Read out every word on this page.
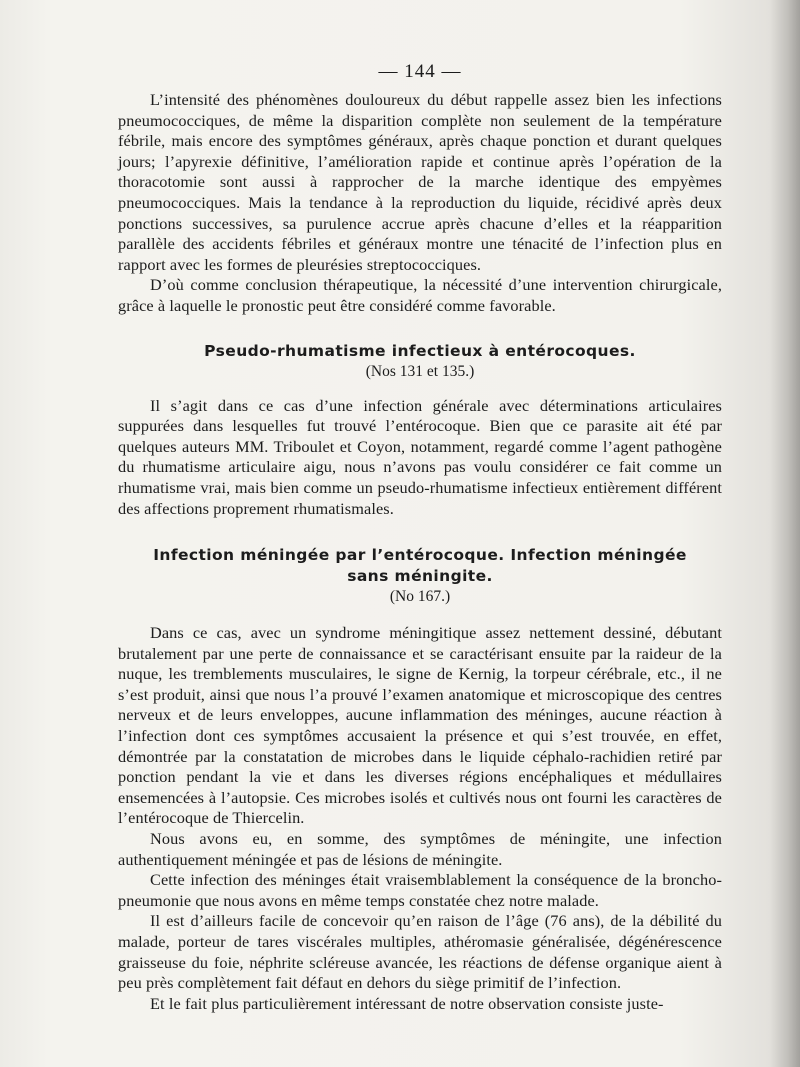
— 144 —

L’intensité des phénomènes douloureux du début rappelle assez bien les infections pneumococciques, de même la disparition complète non seulement de la température fébrile, mais encore des symptômes généraux, après chaque ponction et durant quelques jours; l’apyrexie définitive, l’amélioration rapide et continue après l’opération de la thoracotomie sont aussi à rapprocher de la marche identique des empyèmes pneumococciques. Mais la tendance à la reproduction du liquide, récidivé après deux ponctions successives, sa purulence accrue après chacune d’elles et la réapparition parallèle des accidents fébriles et généraux montre une ténacité de l’infection plus en rapport avec les formes de pleurésies streptococciques.

D’où comme conclusion thérapeutique, la nécessité d’une intervention chirurgicale, grâce à laquelle le pronostic peut être considéré comme favorable.

Pseudo-rhumatisme infectieux à entérocoques.
(Nos 131 et 135.)

Il s’agit dans ce cas d’une infection générale avec déterminations articulaires suppurées dans lesquelles fut trouvé l’entérocoque. Bien que ce parasite ait été par quelques auteurs MM. Triboulet et Coyon, notamment, regardé comme l’agent pathogène du rhumatisme articulaire aigu, nous n’avons pas voulu considérer ce fait comme un rhumatisme vrai, mais bien comme un pseudo-rhumatisme infectieux entièrement différent des affections proprement rhumatismales.

Infection méningée par l’entérocoque. Infection méningée
sans méningite.
(No 167.)

Dans ce cas, avec un syndrome méningitique assez nettement dessiné, débutant brutalement par une perte de connaissance et se caractérisant ensuite par la raideur de la nuque, les tremblements musculaires, le signe de Kernig, la torpeur cérébrale, etc., il ne s’est produit, ainsi que nous l’a prouvé l’examen anatomique et microscopique des centres nerveux et de leurs enveloppes, aucune inflammation des méninges, aucune réaction à l’infection dont ces symptômes accusaient la présence et qui s’est trouvée, en effet, démontrée par la constatation de microbes dans le liquide céphalo-rachidien retiré par ponction pendant la vie et dans les diverses régions encéphaliques et médullaires ensemencées à l’autopsie. Ces microbes isolés et cultivés nous ont fourni les caractères de l’entérocoque de Thiercelin.

Nous avons eu, en somme, des symptômes de méningite, une infection authentiquement méningée et pas de lésions de méningite.

Cette infection des méninges était vraisemblablement la conséquence de la broncho-pneumonie que nous avons en même temps constatée chez notre malade.

Il est d’ailleurs facile de concevoir qu’en raison de l’âge (76 ans), de la débilité du malade, porteur de tares viscérales multiples, athéromasie généralisée, dégénérescence graisseuse du foie, néphrite scléreuse avancée, les réactions de défense organique aient à peu près complètement fait défaut en dehors du siège primitif de l’infection.

Et le fait plus particulièrement intéressant de notre observation consiste juste-
